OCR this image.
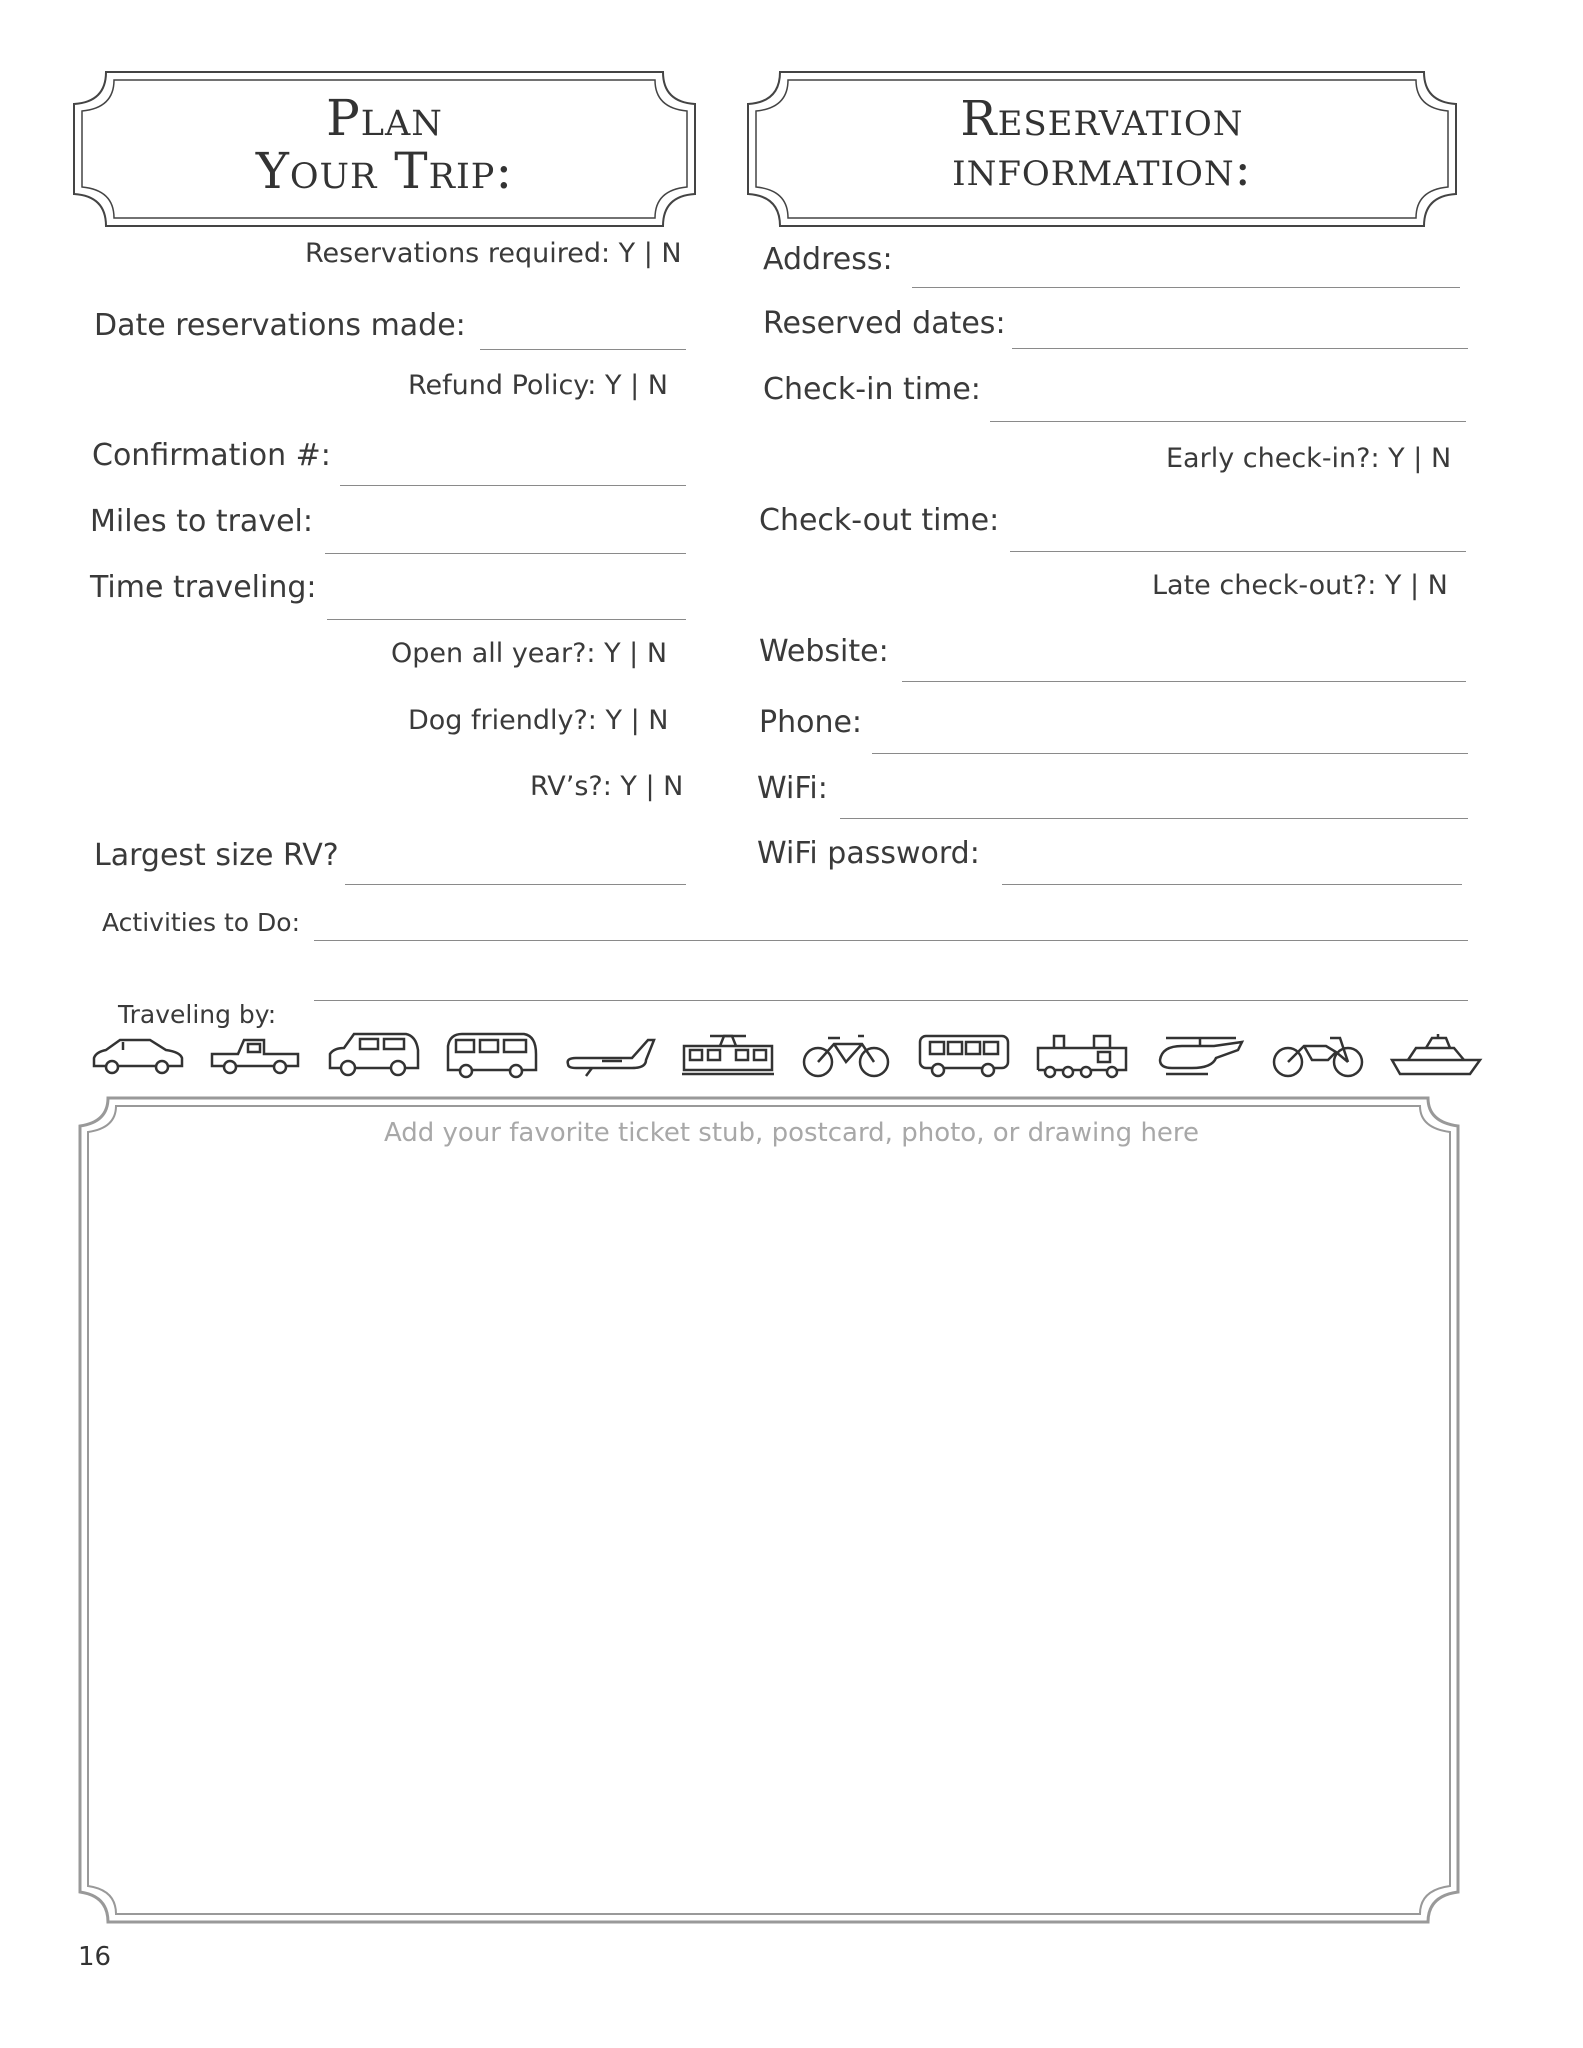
Plan
Your Trip:
Reservation
information:
Reservations required: Y | N
Date reservations made:
Refund Policy: Y | N
Confirmation #:
Miles to travel:
Time traveling:
Open all year?: Y | N
Dog friendly?: Y | N
RV’s?: Y | N
Largest size RV?
Address:
Reserved dates:
Check-in time:
Early check-in?: Y | N
Check-out time:
Late check-out?: Y | N
Website:
Phone:
WiFi:
WiFi password:
Activities to Do:
Traveling by:
Add your favorite ticket stub, postcard, photo, or drawing here
16
